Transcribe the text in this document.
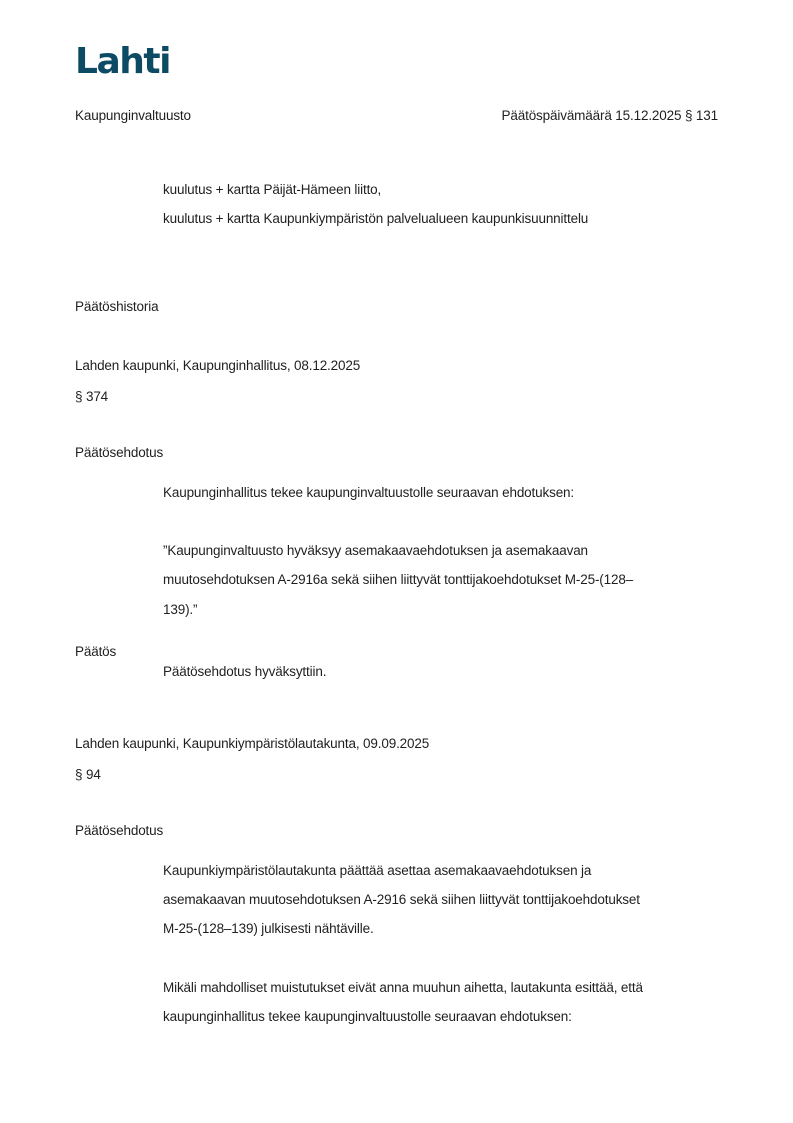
Lahti
Kaupunginvaltuusto	Päätöspäivämäärä 15.12.2025 § 131
kuulutus + kartta Päijät-Hämeen liitto,
kuulutus + kartta Kaupunkiympäristön palvelualueen kaupunkisuunnittelu
Päätöshistoria
Lahden kaupunki, Kaupunginhallitus, 08.12.2025
§ 374
Päätösehdotus
Kaupunginhallitus tekee kaupunginvaltuustolle seuraavan ehdotuksen:
”Kaupunginvaltuusto hyväksyy asemakaavaehdotuksen ja asemakaavan
muutosehdotuksen A-2916a sekä siihen liittyvät tonttijakoehdotukset M-25-(128–
139).”
Päätös
Päätösehdotus hyväksyttiin.
Lahden kaupunki, Kaupunkiympäristölautakunta, 09.09.2025
§ 94
Päätösehdotus
Kaupunkiympäristölautakunta päättää asettaa asemakaavaehdotuksen ja
asemakaavan muutosehdotuksen A-2916 sekä siihen liittyvät tonttijakoehdotukset
M-25-(128–139) julkisesti nähtäville.
Mikäli mahdolliset muistutukset eivät anna muuhun aihetta, lautakunta esittää, että
kaupunginhallitus tekee kaupunginvaltuustolle seuraavan ehdotuksen:
